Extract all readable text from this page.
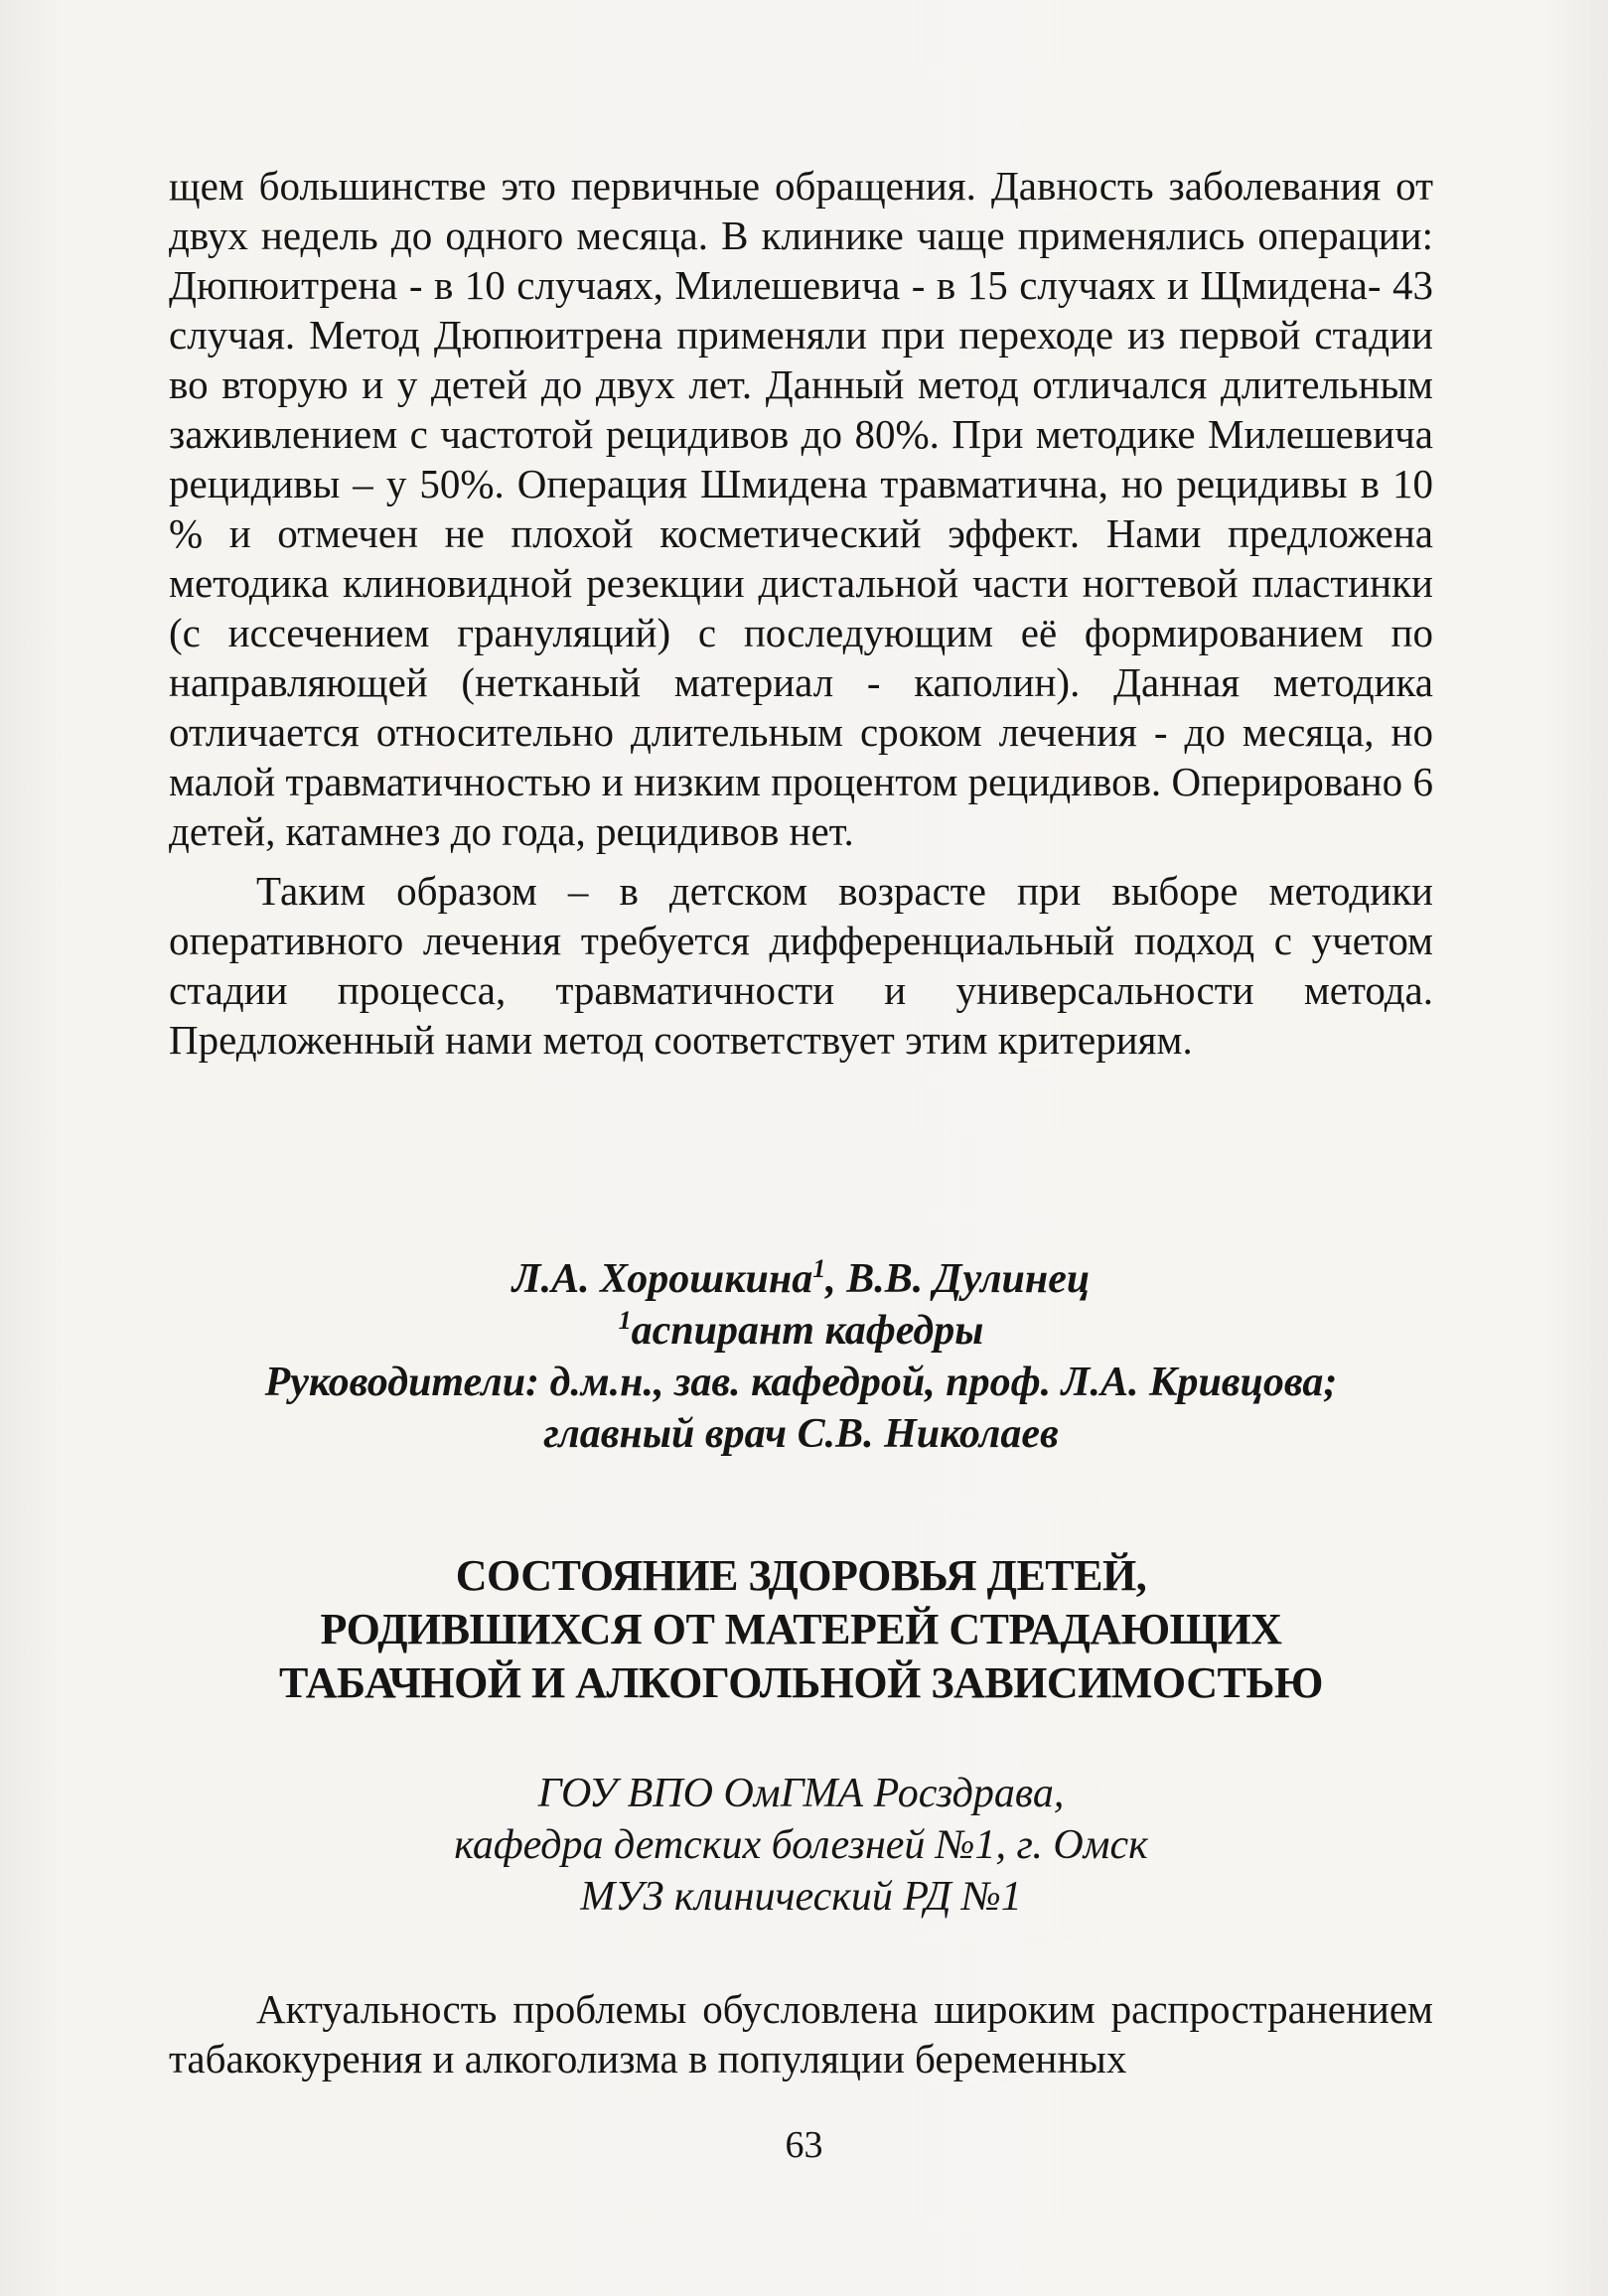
щем большинстве это первичные обращения. Давность заболевания от двух недель до одного месяца. В клинике чаще применялись операции: Дюпюитрена - в 10 случаях, Милешевича - в 15 случаях и Щмидена- 43 случая. Метод Дюпюитрена применяли при переходе из первой стадии во вторую и у детей до двух лет. Данный метод отличался длительным заживлением с частотой рецидивов до 80%. При методике Милешевича рецидивы – у 50%. Операция Шмидена травматична, но рецидивы в 10 % и отмечен не плохой косметический эффект. Нами предложена методика клиновидной резекции дистальной части ногтевой пластинки (с иссечением грануляций) с последующим её формированием по направляющей (нетканый материал - каполин). Данная методика отличается относительно длительным сроком лечения - до месяца, но малой травматичностью и низким процентом рецидивов. Оперировано 6 детей, катамнез до года, рецидивов нет.

Таким образом – в детском возрасте при выборе методики оперативного лечения требуется дифференциальный подход с учетом стадии процесса, травматичности и универсальности метода. Предложенный нами метод соответствует этим критериям.

Л.А. Хорошкина$^1$, В.В. Дулинец

$^1$аспирант кафедры

Руководители: д.м.н., зав. кафедрой, проф. Л.А. Кривцова;

главный врач С.В. Николаев

СОСТОЯНИЕ ЗДОРОВЬЯ ДЕТЕЙ,

РОДИВШИХСЯ ОТ МАТЕРЕЙ СТРАДАЮЩИХ

ТАБАЧНОЙ И АЛКОГОЛЬНОЙ ЗАВИСИМОСТЬЮ

ГОУ ВПО ОмГМА Росздрава,

кафедра детских болезней №1, г. Омск

МУЗ клинический РД №1

Актуальность проблемы обусловлена широким распространением табакокурения и алкоголизма в популяции беременных

63
